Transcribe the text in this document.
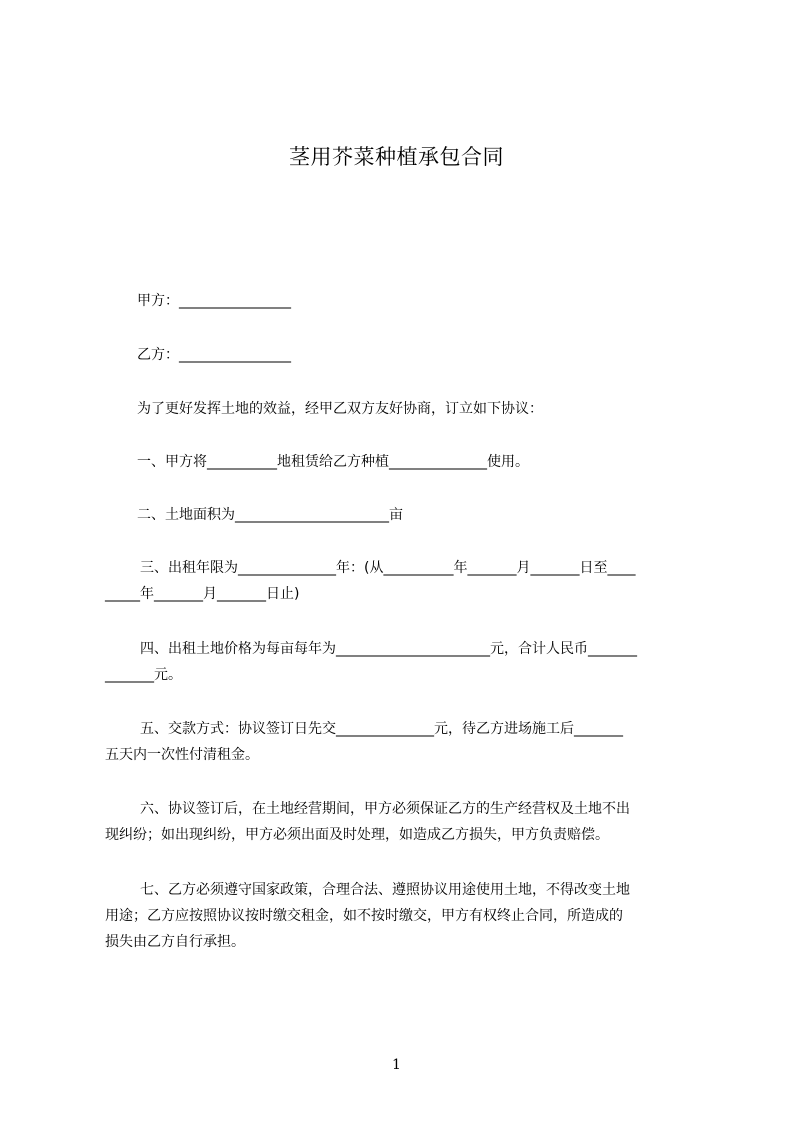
茎用芥菜种植承包合同
甲方：________________
乙方：________________
为了更好发挥土地的效益，经甲乙双方友好协商，订立如下协议：
一、甲方将__________地租赁给乙方种植______________使用。
二、土地面积为______________________亩
三、出租年限为______________年：(从__________年_______月_______日至____
_____年_______月_______日止)
四、出租土地价格为每亩每年为______________________元，合计人民币_______
_______元。
五、交款方式：协议签订日先交______________元，待乙方进场施工后_______
五天内一次性付清租金。
六、协议签订后，在土地经营期间，甲方必须保证乙方的生产经营权及土地不出
现纠纷；如出现纠纷，甲方必须出面及时处理，如造成乙方损失，甲方负责赔偿。
七、乙方必须遵守国家政策，合理合法、遵照协议用途使用土地，不得改变土地
用途；乙方应按照协议按时缴交租金，如不按时缴交，甲方有权终止合同，所造成的
损失由乙方自行承担。
1
